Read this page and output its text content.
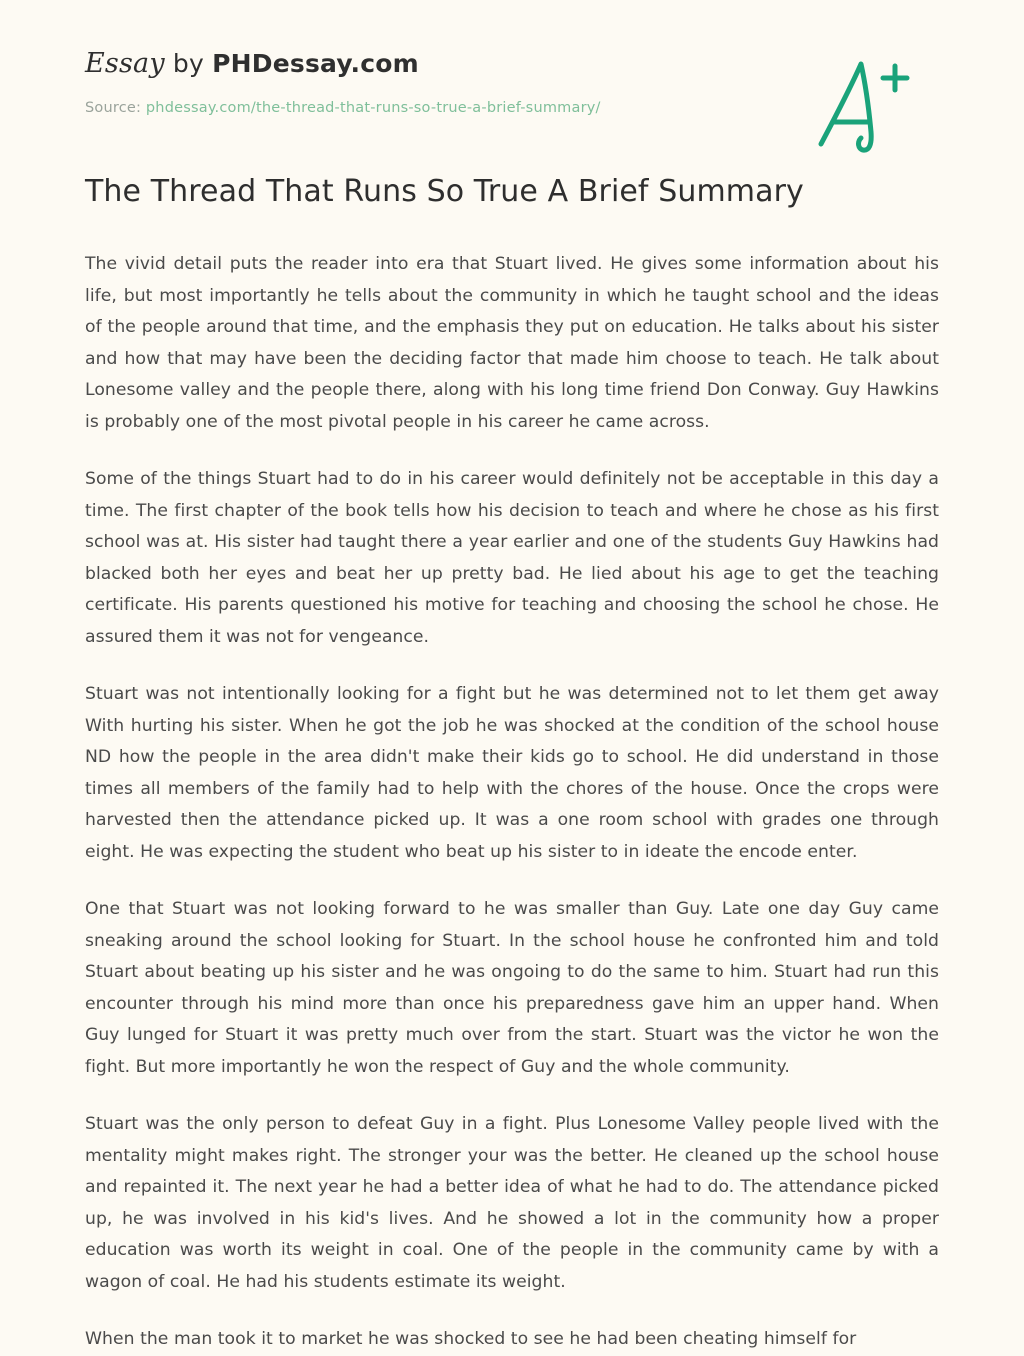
Essay by PHDessay.com
Source: phdessay.com/the-thread-that-runs-so-true-a-brief-summary/
The Thread That Runs So True A Brief Summary

The vivid detail puts the reader into era that Stuart lived. He gives some information about his life, but most importantly he tells about the community in which he taught school and the ideas of the people around that time, and the emphasis they put on education. He talks about his sister and how that may have been the deciding factor that made him choose to teach. He talk about Lonesome valley and the people there, along with his long time friend Don Conway. Guy Hawkins is probably one of the most pivotal people in his career he came across.

Some of the things Stuart had to do in his career would definitely not be acceptable in this day a time. The first chapter of the book tells how his decision to teach and where he chose as his first school was at. His sister had taught there a year earlier and one of the students Guy Hawkins had blacked both her eyes and beat her up pretty bad. He lied about his age to get the teaching certificate. His parents questioned his motive for teaching and choosing the school he chose. He assured them it was not for vengeance.

Stuart was not intentionally looking for a fight but he was determined not to let them get away With hurting his sister. When he got the job he was shocked at the condition of the school house ND how the people in the area didn't make their kids go to school. He did understand in those times all members of the family had to help with the chores of the house. Once the crops were harvested then the attendance picked up. It was a one room school with grades one through eight. He was expecting the student who beat up his sister to in ideate the encode enter.

One that Stuart was not looking forward to he was smaller than Guy. Late one day Guy came sneaking around the school looking for Stuart. In the school house he confronted him and told Stuart about beating up his sister and he was ongoing to do the same to him. Stuart had run this encounter through his mind more than once his preparedness gave him an upper hand. When Guy lunged for Stuart it was pretty much over from the start. Stuart was the victor he won the fight. But more importantly he won the respect of Guy and the whole community.

Stuart was the only person to defeat Guy in a fight. Plus Lonesome Valley people lived with the mentality might makes right. The stronger your was the better. He cleaned up the school house and repainted it. The next year he had a better idea of what he had to do. The attendance picked up, he was involved in his kid's lives. And he showed a lot in the community how a proper education was worth its weight in coal. One of the people in the community came by with a wagon of coal. He had his students estimate its weight.

When the man took it to market he was shocked to see he had been cheating himself for
